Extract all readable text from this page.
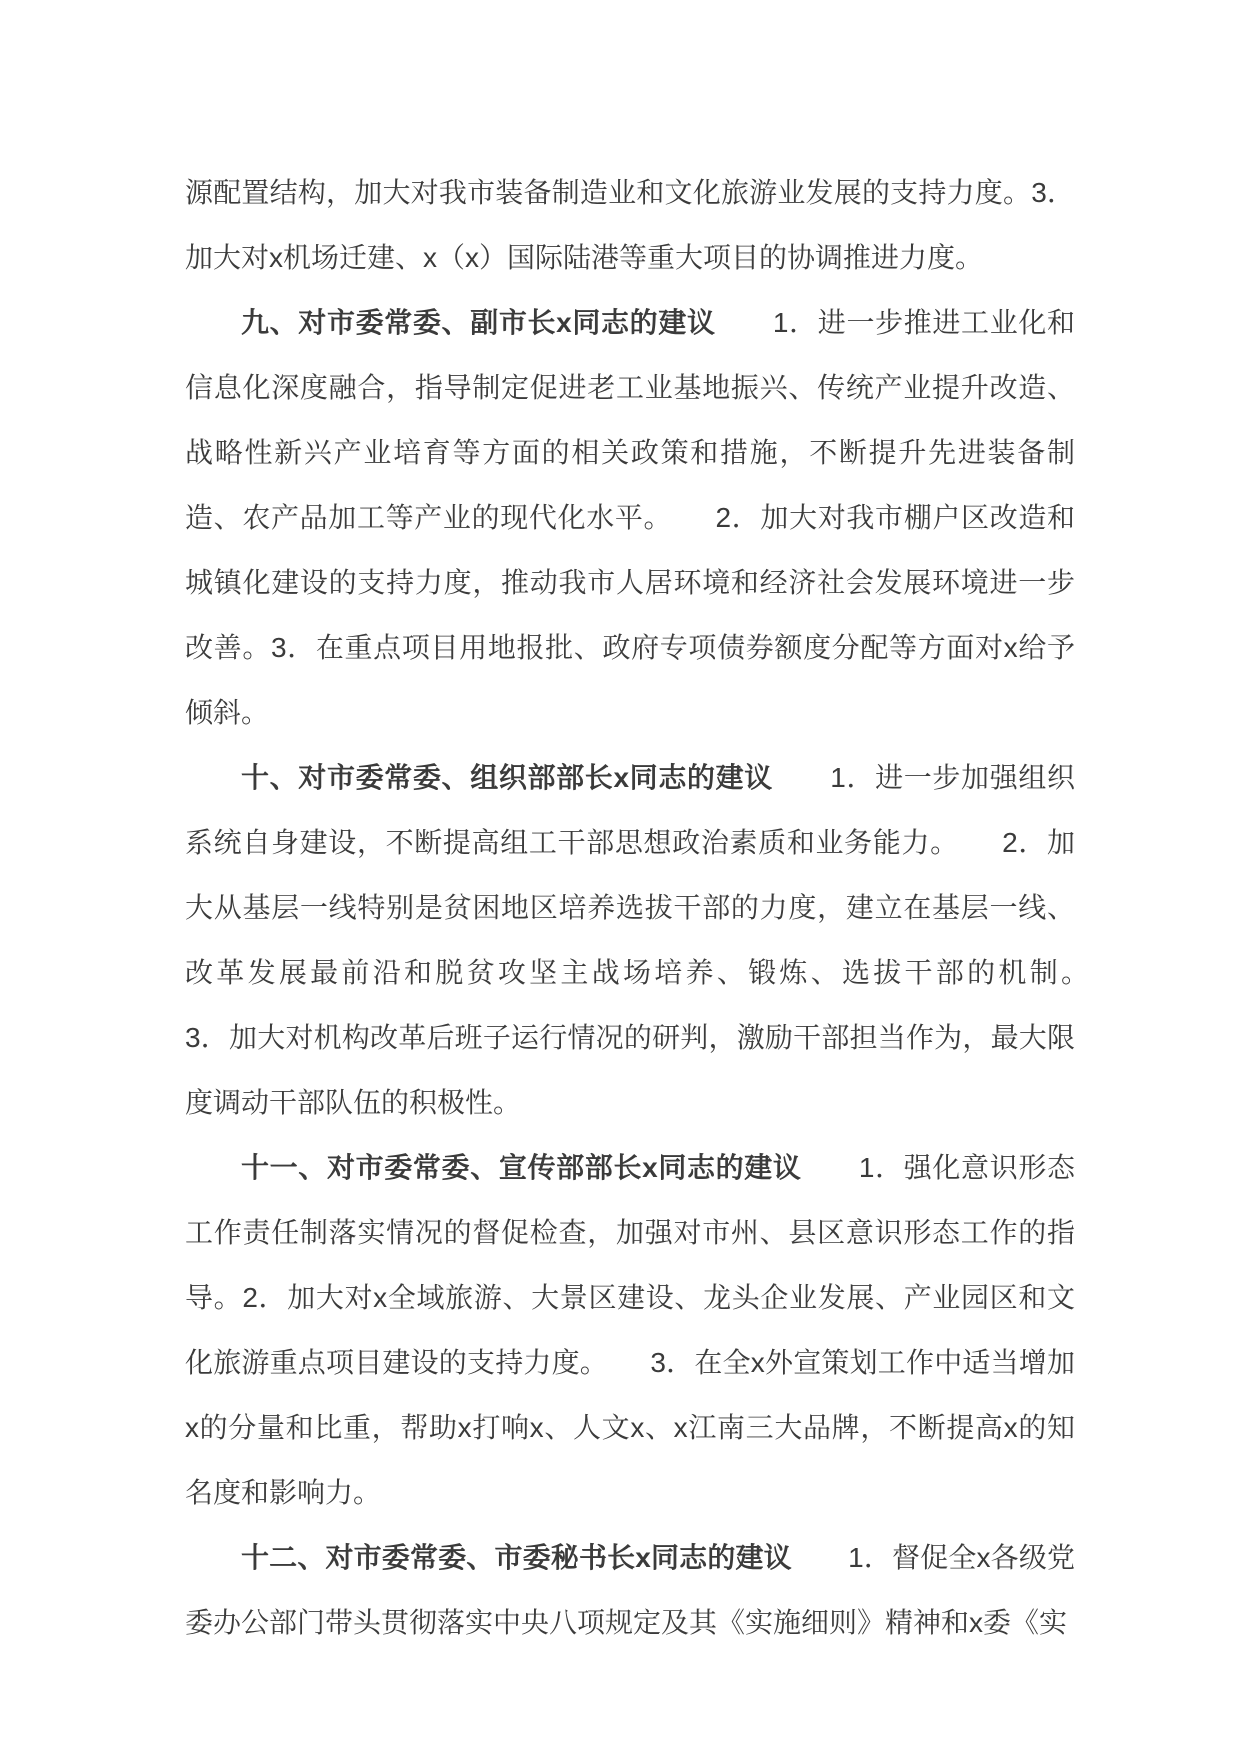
源配置结构，加大对我市装备制造业和文化旅游业发展的支持力度。3．加大对x机场迁建、x（x）国际陆港等重大项目的协调推进力度。

九、对市委常委、副市长x同志的建议　　1．进一步推进工业化和信息化深度融合，指导制定促进老工业基地振兴、传统产业提升改造、战略性新兴产业培育等方面的相关政策和措施，不断提升先进装备制造、农产品加工等产业的现代化水平。　　2．加大对我市棚户区改造和城镇化建设的支持力度，推动我市人居环境和经济社会发展环境进一步改善。3．在重点项目用地报批、政府专项债券额度分配等方面对x给予倾斜。

十、对市委常委、组织部部长x同志的建议　　1．进一步加强组织系统自身建设，不断提高组工干部思想政治素质和业务能力。　　2．加大从基层一线特别是贫困地区培养选拔干部的力度，建立在基层一线、改革发展最前沿和脱贫攻坚主战场培养、锻炼、选拔干部的机制。　　3．加大对机构改革后班子运行情况的研判，激励干部担当作为，最大限度调动干部队伍的积极性。

十一、对市委常委、宣传部部长x同志的建议　　1．强化意识形态工作责任制落实情况的督促检查，加强对市州、县区意识形态工作的指导。2．加大对x全域旅游、大景区建设、龙头企业发展、产业园区和文化旅游重点项目建设的支持力度。　　3．在全x外宣策划工作中适当增加x的分量和比重，帮助x打响x、人文x、x江南三大品牌，不断提高x的知名度和影响力。

十二、对市委常委、市委秘书长x同志的建议　　1．督促全x各级党委办公部门带头贯彻落实中央八项规定及其《实施细则》精神和x委《实
